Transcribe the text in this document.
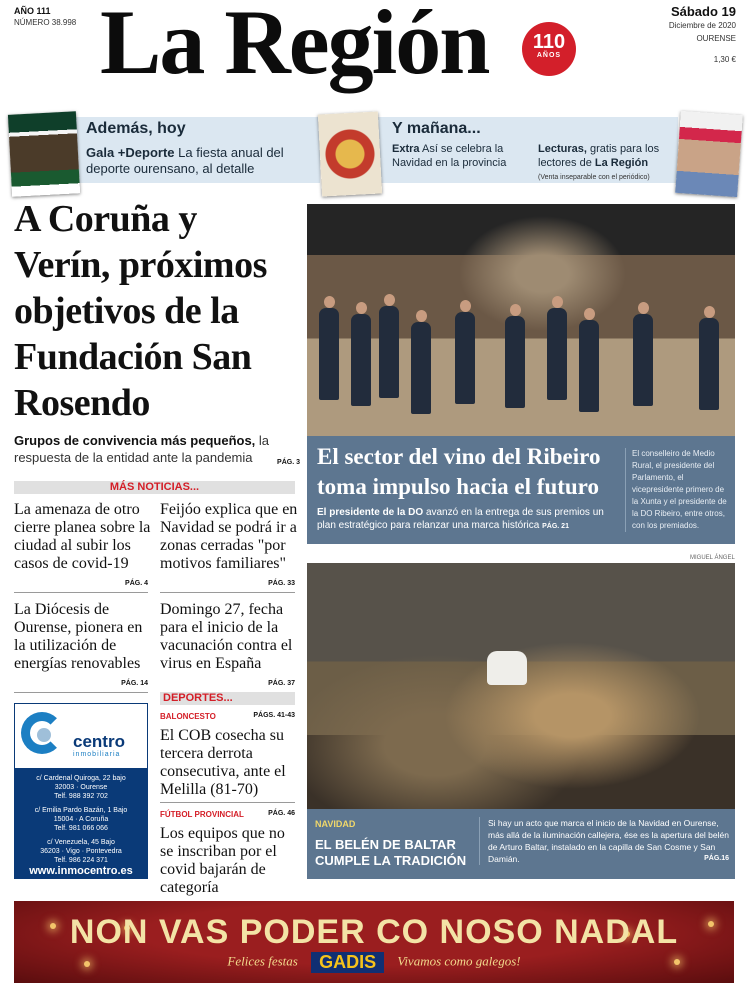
AÑO 111
NÚMERO 38.998 La Región	110
AÑOS
Sábado 19
Diciembre de 2020
OURENSE
1,30 €
Además, hoy
Gala +Deporte La fiesta anual del deporte ourensano, al detalle
Y mañana...
Extra Así se celebra la Navidad en la provincia
Lecturas, gratis para los lectores de La Región
(Venta inseparable con el periódico)
A Coruña y Verín, próximos objetivos de la Fundación San Rosendo
Grupos de convivencia más pequeños, la respuesta de la entidad ante la pandemia	PÁG. 3
MÁS NOTICIAS...
La amenaza de otro cierre planea sobre la ciudad al subir los casos de covid-19
PÁG. 4
Feijóo explica que en Navidad se podrá ir a zonas cerradas "por motivos familiares"
PÁG. 33
La Diócesis de Ourense, pionera en la utilización de energías renovables
PÁG. 14
Domingo 27, fecha para el inicio de la vacunación contra el virus en España
PÁG. 37
DEPORTES...
BALONCESTO	PÁGS. 41-43
El COB cosecha su tercera derrota consecutiva, ante el Melilla (81-70)
FÚTBOL PROVINCIAL	PÁG. 46
Los equipos que no se inscriban por el covid bajarán de categoría
centro
inmobiliaria

c/ Cardenal Quiroga, 22 bajo
32003 · Ourense
Telf. 988 392 702

c/ Emilia Pardo Bazán, 1 Bajo
15004 · A Coruña
Telf. 981 066 066

c/ Venezuela, 45 Bajo
36203 · Vigo · Pontevedra
Telf. 986 224 371

www.inmocentro.es
El sector del vino del Ribeiro toma impulso hacia el futuro
El presidente de la DO avanzó en la entrega de sus premios un plan estratégico para relanzar una marca histórica PÁG. 21
El conselleiro de Medio Rural, el presidente del Parlamento, el vicepresidente primero de la Xunta y el presidente de la DO Ribeiro, entre otros, con los premiados.
MIGUEL ÁNGEL
NAVIDAD
EL BELÉN DE BALTAR CUMPLE LA TRADICIÓN
Si hay un acto que marca el inicio de la Navidad en Ourense, más allá de la iluminación callejera, ése es la apertura del belén de Arturo Baltar, instalado en la capilla de San Cosme y San Damián.	PÁG.16
NON VAS PODER CO NOSO NADAL
Felices festas GADIS Vivamos como galegos!
